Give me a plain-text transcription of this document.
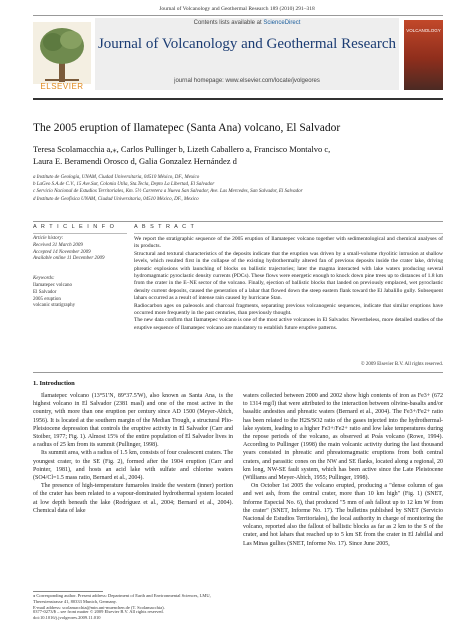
Journal of Volcanology and Geothermal Research 189 (2010) 291–318
ELSEVIER
Contents lists available at ScienceDirect
Journal of Volcanology and Geothermal Research
journal homepage: www.elsevier.com/locate/jvolgeores
VOLCANOLOGY
The 2005 eruption of Ilamatepec (Santa Ana) volcano, El Salvador
Teresa Scolamacchia a,⁎, Carlos Pullinger b, Lizeth Caballero a, Francisco Montalvo c,
Laura E. Beramendi Orosco d, Galia Gonzalez Hernández d
a Instituto de Geología, UNAM, Ciudad Universitaria, 04510 México, DF., Mexico
b LaGeo S.A.de C.V., 15 Ave.Sur, Colonia Utila, Sta.Tecla, Depto La Libertad, El Salvador
c Servicio Nacional de Estudios Territoriales, Km. 5½ Carretera a Nueva San Salvador, Ave. Las Mercedes, San Salvador, El Salvador
d Instituto de Geofísica UNAM, Ciudad Universitaria, 04510 México, DF., Mexico
A R T I C L E I N F O	A B S T R A C T
Article history:
Received 31 March 2009
Accepted 14 November 2009
Available online 11 December 2009
Keywords:
Ilamatepec volcano
El Salvador
2005 eruption
volcanic stratigraphy

We report the stratigraphic sequence of the 2005 eruption of Ilamatepec volcano together with sedimentological and chemical analyses of its products.

Structural and textural characteristics of the deposits indicate that the eruption was driven by a small-volume rhyolitic intrusion at shallow levels, which resulted first in the collapse of the existing hydrothermally altered fan of previous deposits inside the crater lake, driving phreatic explosions with launching of blocks on ballistic trajectories; later the magma interacted with lake waters producing several hydromagmatic pyroclastic density currents (PDCs). These flows were energetic enough to knock down pine trees up to distances of 1.8 km from the crater in the E–NE sector of the volcano. Finally, ejection of ballistic blocks that landed on previously emplaced, wet pyroclastic density current deposits, caused the generation of a lahar that flowed down the steep eastern flank toward the El Jabalillo gully. Subsequent lahars occurred as a result of intense rain caused by hurricane Stan.

Radiocarbon ages on paleosols and charcoal fragments, separating previous volcanogenic sequences, indicate that similar eruptions have occurred more frequently in the past centuries, than previously thought.

The new data confirm that Ilamatepec volcano is one of the most active volcanoes in El Salvador. Nevertheless, more detailed studies of the eruptive sequence of Ilamatepec volcano are mandatory to establish future eruptive patterns.

© 2009 Elsevier B.V. All rights reserved.
1. Introduction

Ilamatepec volcano (13°51'N, 89°37.5'W), also known as Santa Ana, is the highest volcano in El Salvador (2381 masl) and one of the most active in the country, with more than one eruption per century since AD 1500 (Meyer-Abich, 1956). It is located at the southern margin of the Median Trough, a structural Plio-Pleistocene depression that controls the eruptive activity in El Salvador (Carr and Stoiber, 1977; Fig. 1). Almost 15% of the entire population of El Salvador lives in a radius of 25 km from its summit (Pullinger, 1998).

Its summit area, with a radius of 1.5 km, consists of four coalescent craters. The youngest crater, to the SE (Fig. 2), formed after the 1904 eruption (Carr and Pointer, 1981), and hosts an acid lake with sulfate and chlorine waters (SO4/Cl=1.5 mass ratio, Bernard et al., 2004).

The presence of high-temperature fumaroles inside the western (inner) portion of the crater has been related to a vapour-dominated hydrothermal system located at low depth beneath the lake (Rodríguez et al., 2004; Bernard et al., 2004). Chemical data of lake

waters collected between 2000 and 2002 show high contents of iron as Fe3+ (672 to 1314 mg/l) that were attributed to the interaction between olivine-basalts and/or basaltic andesites and phreatic waters (Bernard et al., 2004). The Fe3+/Fe2+ ratio has been related to the H2S/SO2 ratio of the gases injected into the hydrothermal-lake system, leading to a higher Fe3+/Fe2+ ratio and low lake temperatures during the repose periods of the volcano, as observed at Poás volcano (Rowe, 1994). According to Pullinger (1998) the main volcanic activity during the last thousand years consisted in phreatic and phreatomagmatic eruptions from both central craters, and parasitic cones on the NW and SE flanks, located along a regional, 20 km long, NW-SE fault system, which has been active since the Late Pleistocene (Williams and Meyer-Abich, 1955; Pullinger, 1998).

On October 1st 2005 the volcano erupted, producing a "dense column of gas and wet ash, from the central crater, more than 10 km high" (Fig. 1) (SNET, Informe Especial No. 6), that produced "5 mm of ash fallout up to 12 km W from the crater" (SNET, Informe No. 17). The bulletins published by SNET (Servicio Nacional de Estudios Territoriales), the local authority in charge of monitoring the volcano, reported also the fallout of ballistic blocks as far as 2 km to the S of the crater, and hot lahars that reached up to 5 km SE from the crater in El Jabillal and Las Minas gullies (SNET, Informe No. 17). Since June 2005,

⁎ Corresponding author. Present address: Department of Earth and Environmental Sciences, LMU, Theresienstrasse 41, 80333 Munich, Germany.
E-mail address: scolamacchia@min.uni-muenchen.de (T. Scolamacchia).
0377-0273/$ – see front matter © 2009 Elsevier B.V. All rights reserved.
doi:10.1016/j.jvolgeores.2009.11.010
